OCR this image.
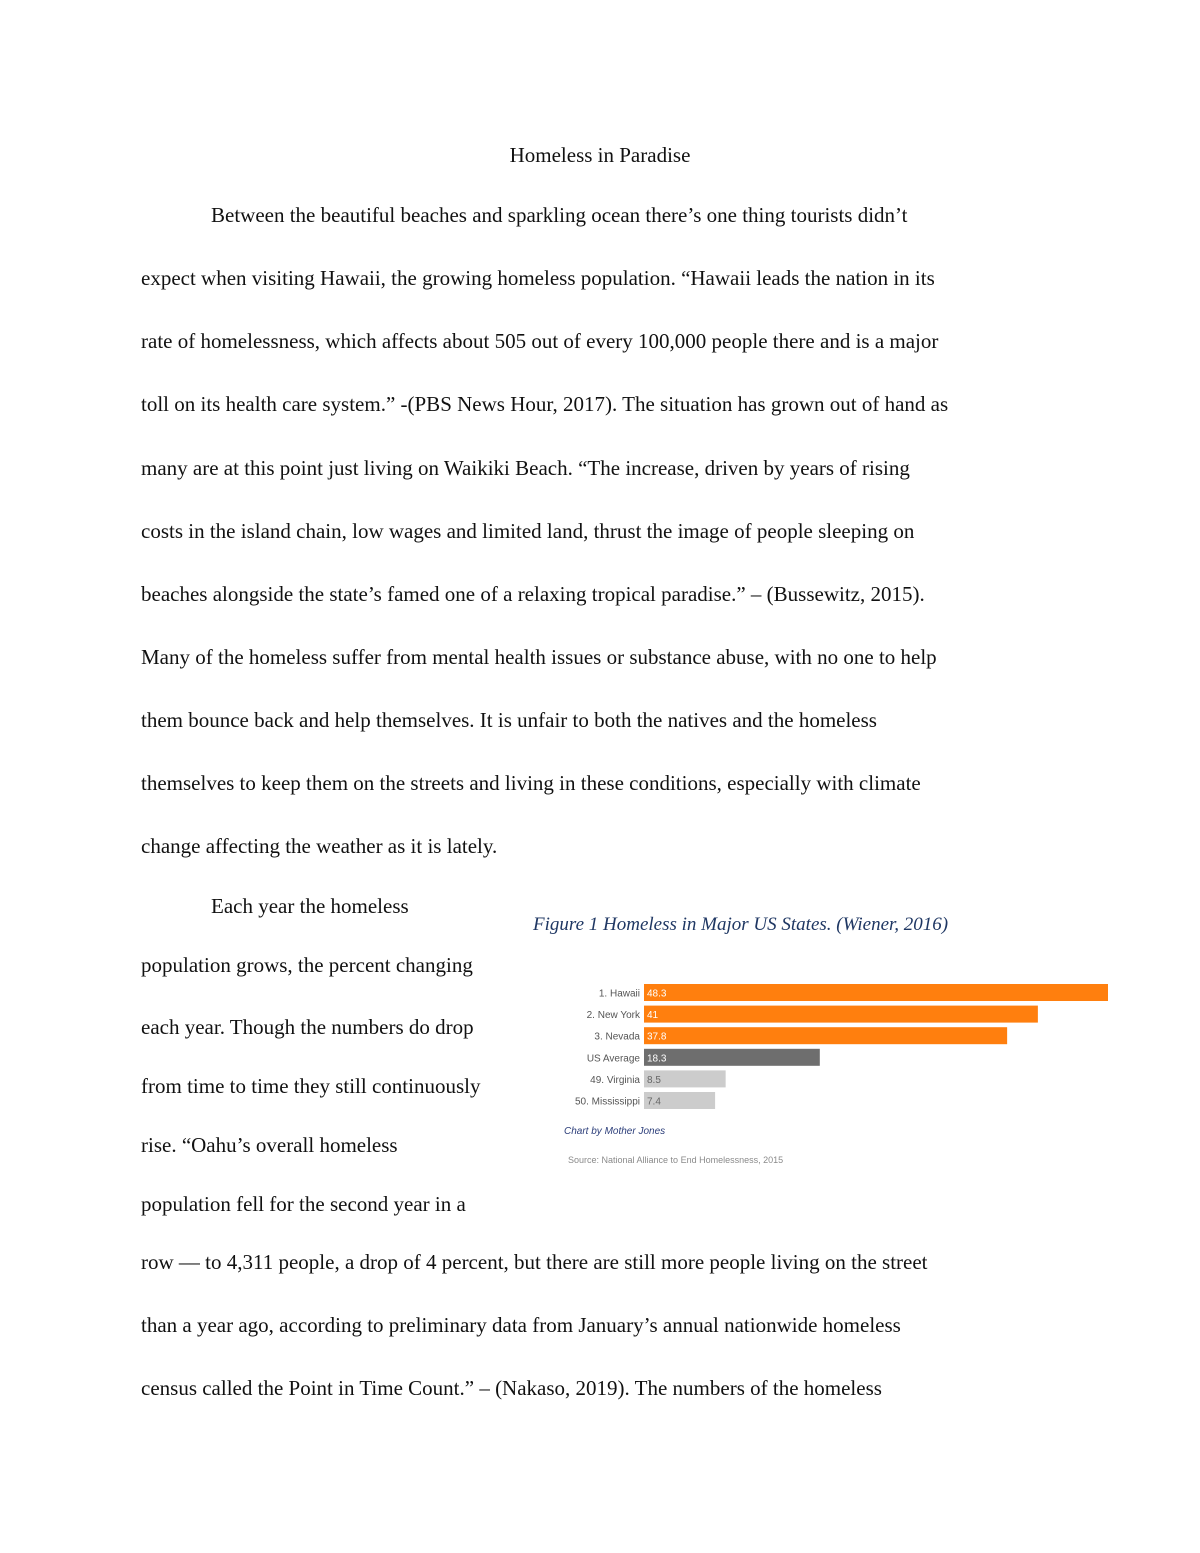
Homeless in Paradise
Between the beautiful beaches and sparkling ocean there’s one thing tourists didn’t
expect when visiting Hawaii, the growing homeless population. “Hawaii leads the nation in its
rate of homelessness, which affects about 505 out of every 100,000 people there and is a major
toll on its health care system.” -(PBS News Hour, 2017). The situation has grown out of hand as
many are at this point just living on Waikiki Beach. “The increase, driven by years of rising
costs in the island chain, low wages and limited land, thrust the image of people sleeping on
beaches alongside the state’s famed one of a relaxing tropical paradise.” – (Bussewitz, 2015).
Many of the homeless suffer from mental health issues or substance abuse, with no one to help
them bounce back and help themselves. It is unfair to both the natives and the homeless
themselves to keep them on the streets and living in these conditions, especially with climate
change affecting the weather as it is lately.
Each year the homeless
population grows, the percent changing
each year. Though the numbers do drop
from time to time they still continuously
rise. “Oahu’s overall homeless
population fell for the second year in a
row –– to 4,311 people, a drop of 4 percent, but there are still more people living on the street
than a year ago, according to preliminary data from January’s annual nationwide homeless
census called the Point in Time Count.” – (Nakaso, 2019). The numbers of the homeless
Figure 1 Homeless in Major US States. (Wiener, 2016)
1. Hawaii 48.3
2. New York 41
3. Nevada 37.8
US Average 18.3
49. Virginia 8.5
50. Mississippi 7.4
Chart by Mother Jones
Source: National Alliance to End Homelessness, 2015
